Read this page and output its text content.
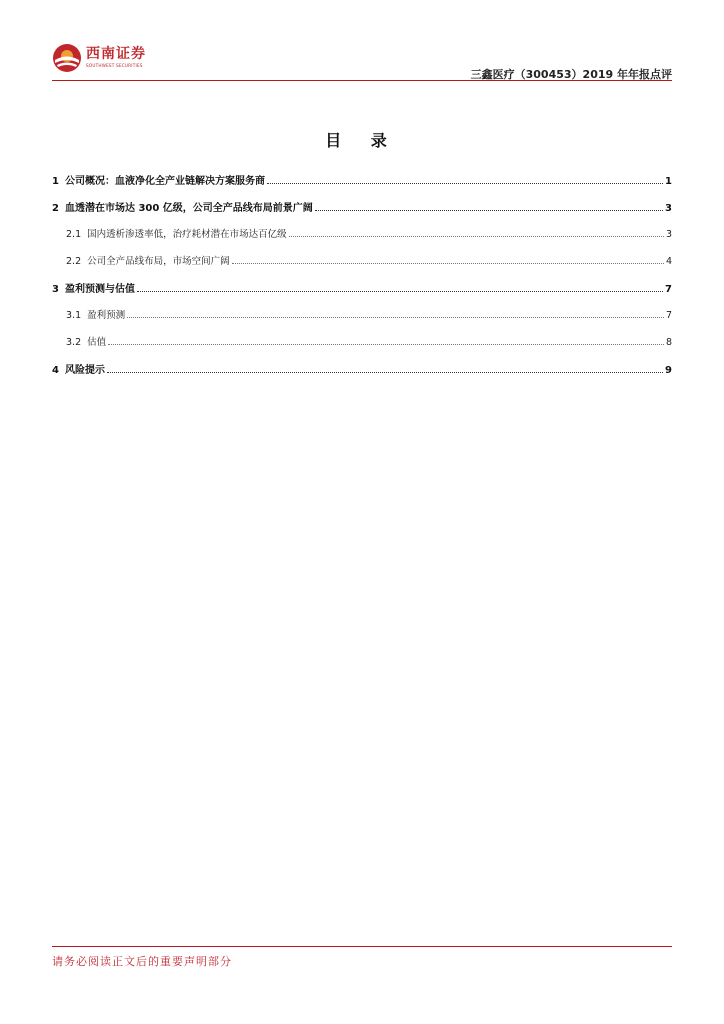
西南证券
SOUTHWEST SECURITIES
三鑫医疗（300453）2019 年年报点评
目 录
1 公司概况：血液净化全产业链解决方案服务商	1
2 血透潜在市场达 300 亿级，公司全产品线布局前景广阔	3
2.1 国内透析渗透率低，治疗耗材潜在市场达百亿级	3
2.2 公司全产品线布局，市场空间广阔	4
3 盈利预测与估值	7
3.1 盈利预测	7
3.2 估值	8
4 风险提示	9
请务必阅读正文后的重要声明部分
